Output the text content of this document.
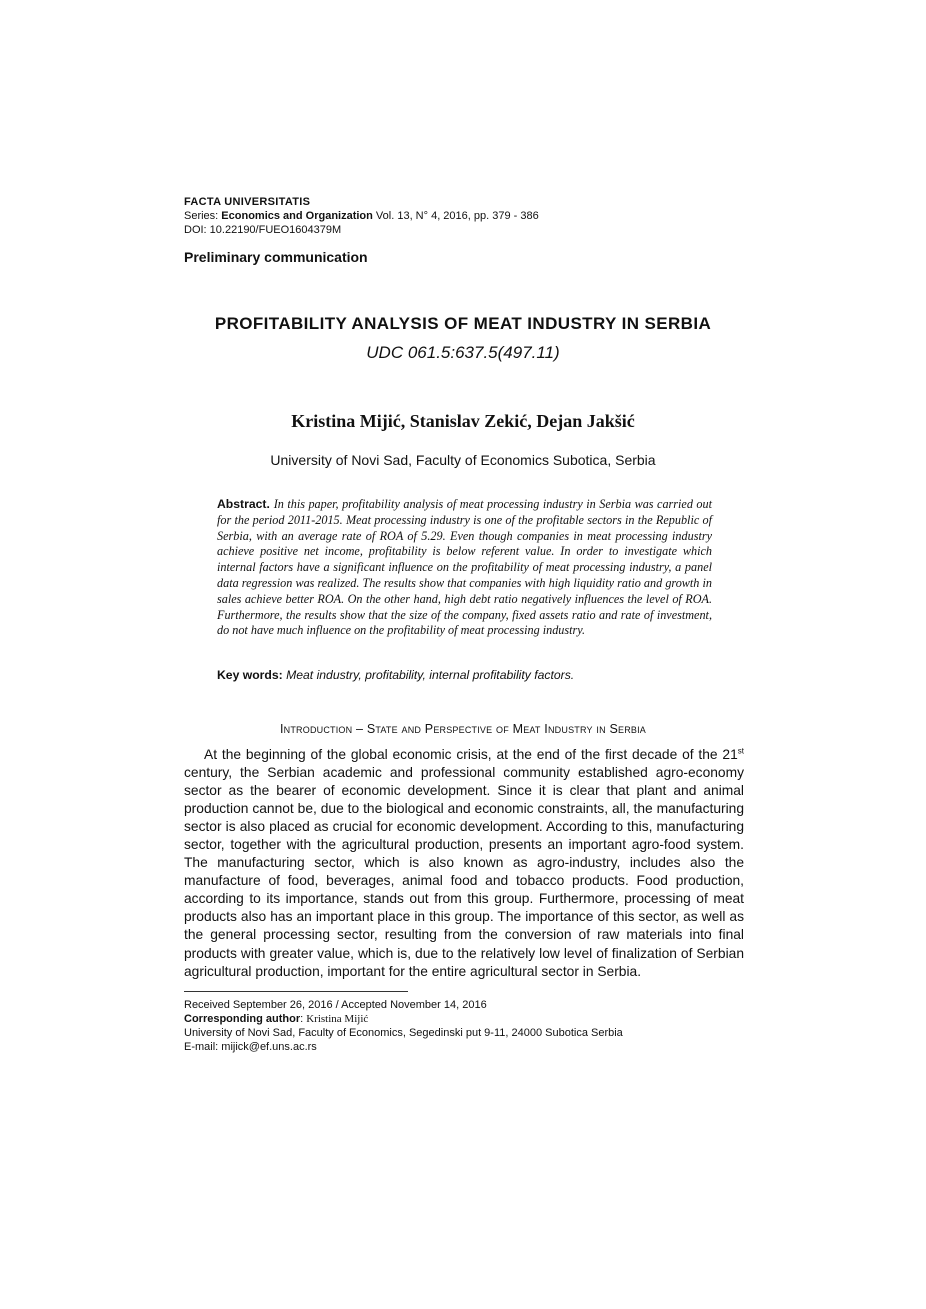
FACTA UNIVERSITATIS
Series: Economics and Organization Vol. 13, N° 4, 2016, pp. 379 - 386
DOI: 10.22190/FUEO1604379M
Preliminary communication
PROFITABILITY ANALYSIS OF MEAT INDUSTRY IN SERBIA
UDC 061.5:637.5(497.11)
Kristina Mijić, Stanislav Zekić, Dejan Jakšić
University of Novi Sad, Faculty of Economics Subotica, Serbia
Abstract. In this paper, profitability analysis of meat processing industry in Serbia was carried out for the period 2011-2015. Meat processing industry is one of the profitable sectors in the Republic of Serbia, with an average rate of ROA of 5.29. Even though companies in meat processing industry achieve positive net income, profitability is below referent value. In order to investigate which internal factors have a significant influence on the profitability of meat processing industry, a panel data regression was realized. The results show that companies with high liquidity ratio and growth in sales achieve better ROA. On the other hand, high debt ratio negatively influences the level of ROA. Furthermore, the results show that the size of the company, fixed assets ratio and rate of investment, do not have much influence on the profitability of meat processing industry.
Key words: Meat industry, profitability, internal profitability factors.
Introduction – State and Perspective of Meat Industry in Serbia

At the beginning of the global economic crisis, at the end of the first decade of the 21st century, the Serbian academic and professional community established agro-economy sector as the bearer of economic development. Since it is clear that plant and animal production cannot be, due to the biological and economic constraints, all, the manufacturing sector is also placed as crucial for economic development. According to this, manufacturing sector, together with the agricultural production, presents an important agro-food system. The manufacturing sector, which is also known as agro-industry, includes also the manufacture of food, beverages, animal food and tobacco products. Food production, according to its importance, stands out from this group. Furthermore, processing of meat products also has an important place in this group. The importance of this sector, as well as the general processing sector, resulting from the conversion of raw materials into final products with greater value, which is, due to the relatively low level of finalization of Serbian agricultural production, important for the entire agricultural sector in Serbia.

Received September 26, 2016 / Accepted November 14, 2016
Corresponding author: Kristina Mijić
University of Novi Sad, Faculty of Economics, Segedinski put 9-11, 24000 Subotica Serbia
E-mail: mijick@ef.uns.ac.rs
